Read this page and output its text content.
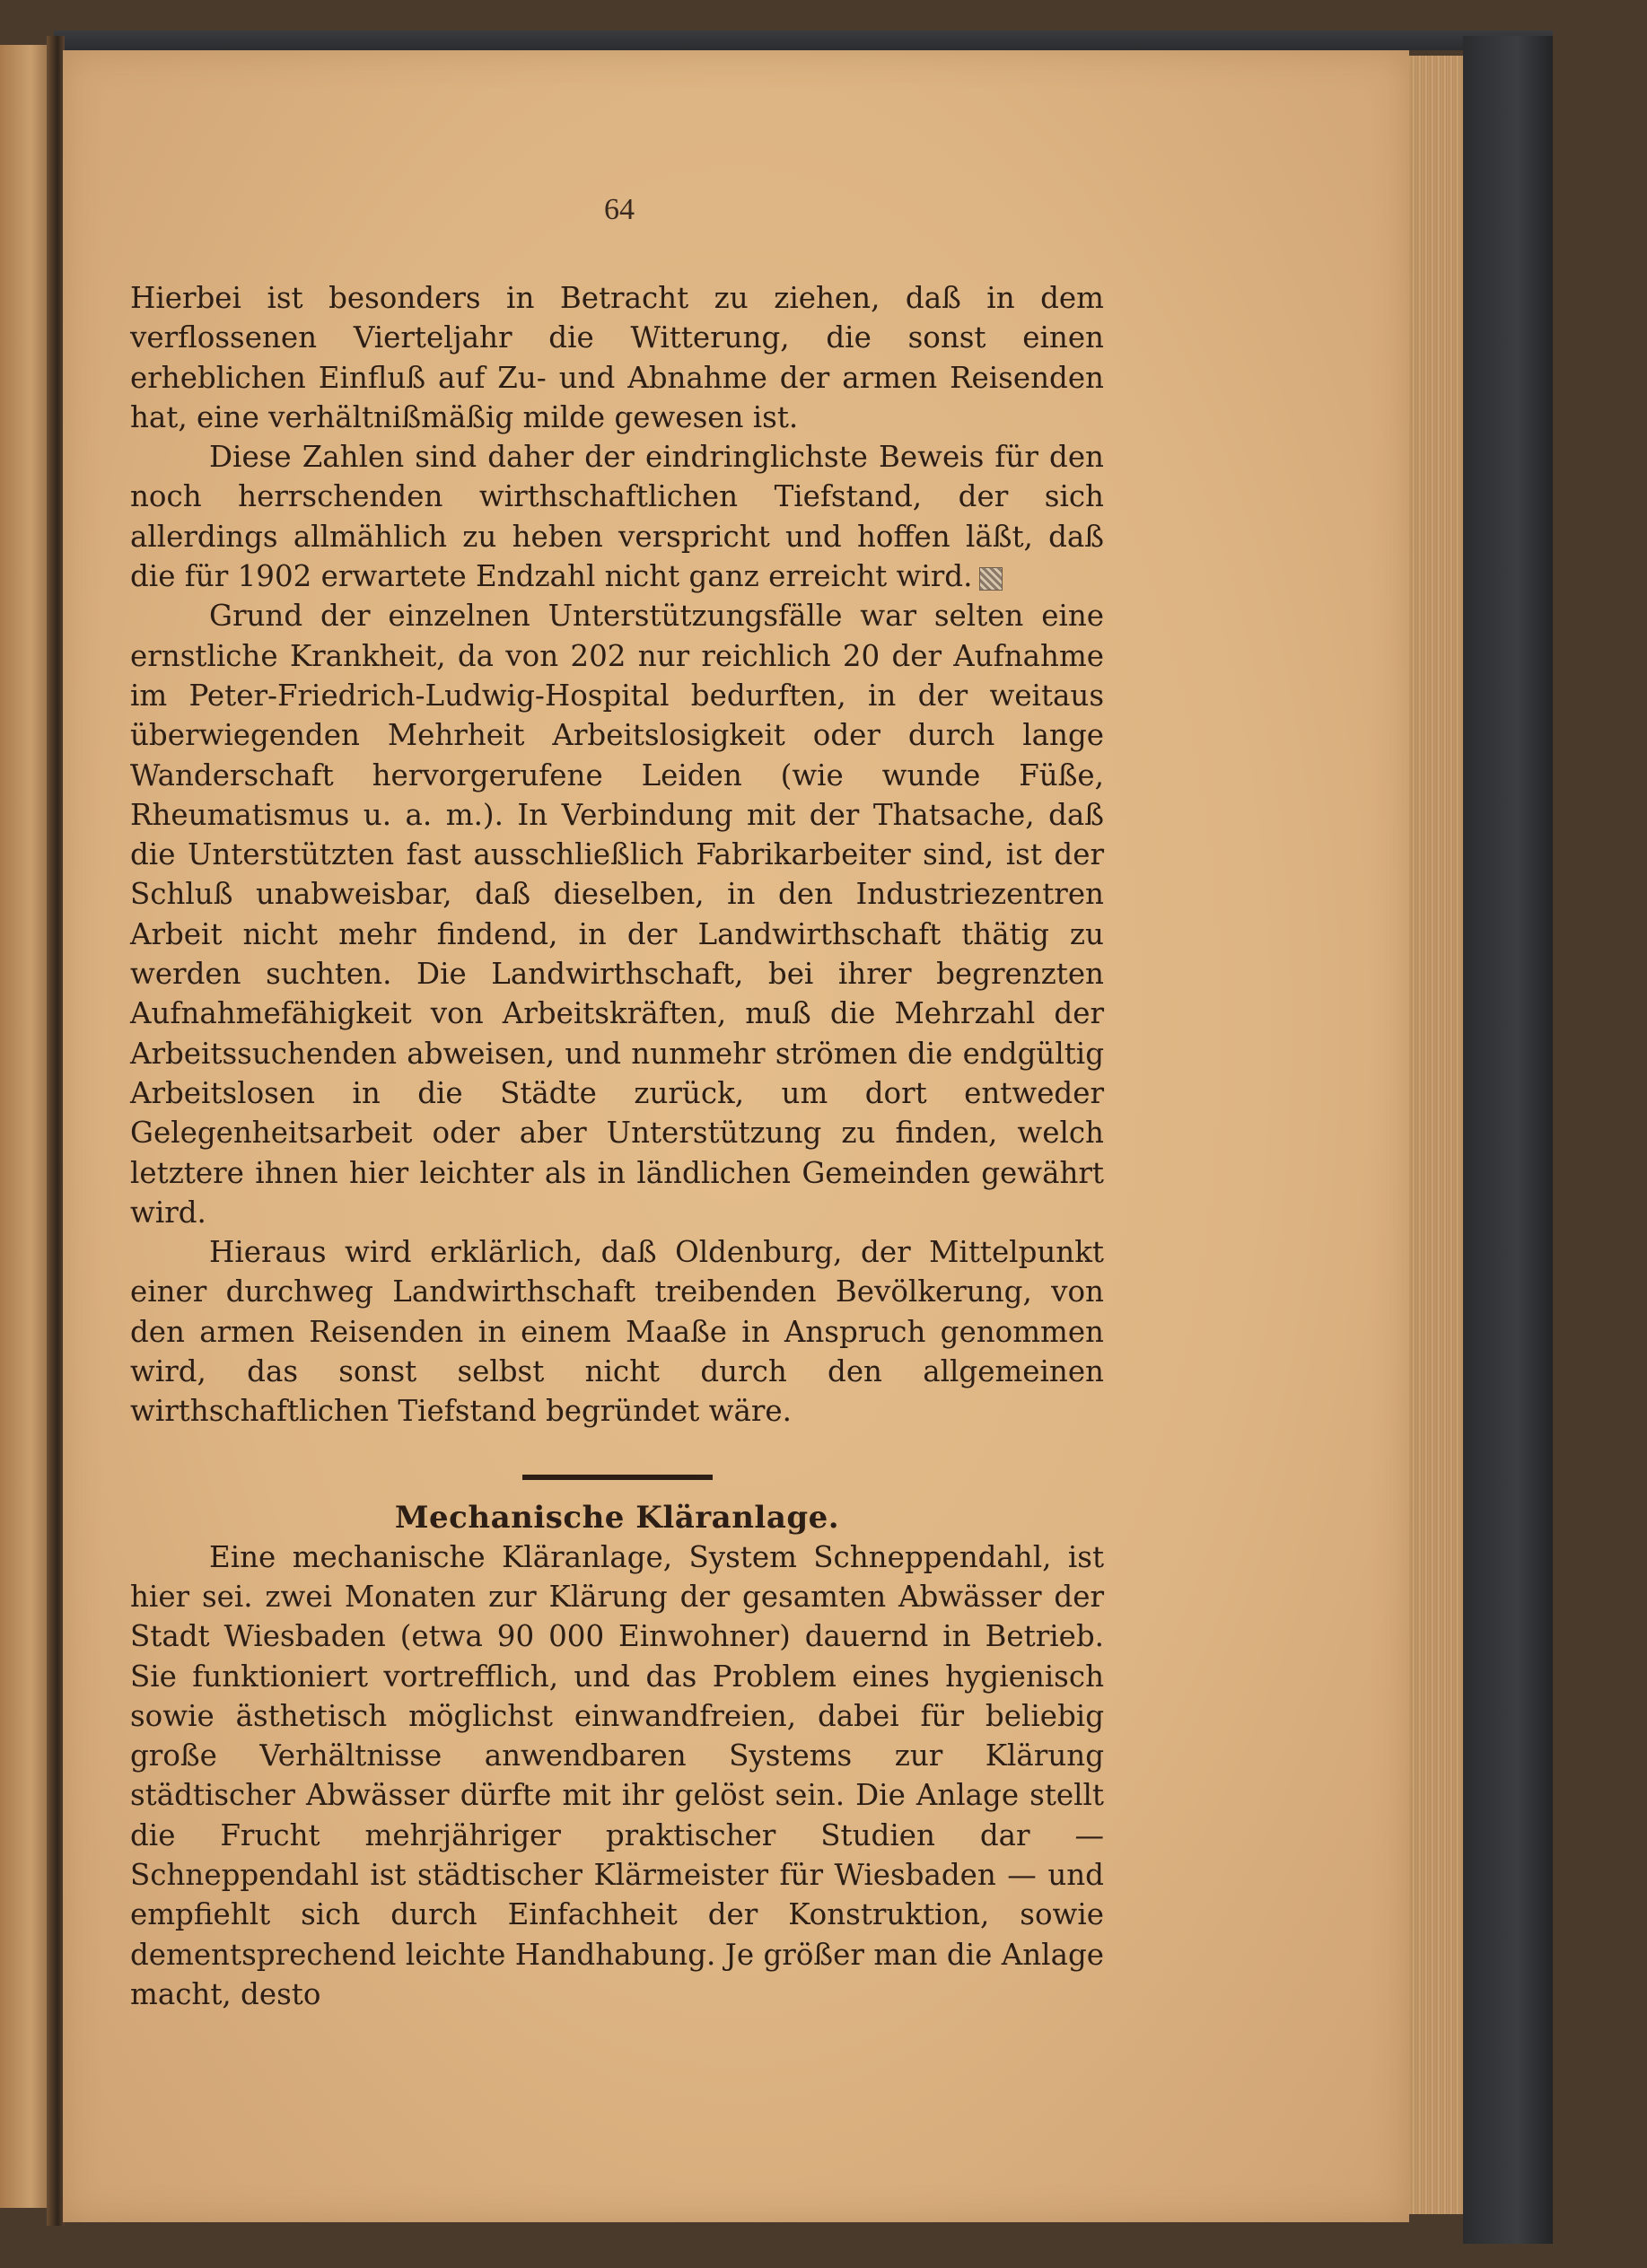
64

Hierbei ist besonders in Betracht zu ziehen, daß in dem verflossenen Vierteljahr die Witterung, die sonst einen erheblichen Einfluß auf Zu- und Abnahme der armen Reisenden hat, eine verhältnißmäßig milde gewesen ist.

Diese Zahlen sind daher der eindringlichste Beweis für den noch herrschenden wirthschaftlichen Tiefstand, der sich allerdings allmählich zu heben verspricht und hoffen läßt, daß die für 1902 erwartete Endzahl nicht ganz erreicht wird.

Grund der einzelnen Unterstützungsfälle war selten eine ernstliche Krankheit, da von 202 nur reichlich 20 der Aufnahme im Peter-Friedrich-Ludwig-Hospital bedurften, in der weitaus überwiegenden Mehrheit Arbeitslosigkeit oder durch lange Wanderschaft hervorgerufene Leiden (wie wunde Füße, Rheumatismus u. a. m.). In Verbindung mit der Thatsache, daß die Unterstützten fast ausschließlich Fabrikarbeiter sind, ist der Schluß unabweisbar, daß dieselben, in den Industriezentren Arbeit nicht mehr findend, in der Landwirthschaft thätig zu werden suchten. Die Landwirthschaft, bei ihrer begrenzten Aufnahmefähigkeit von Arbeitskräften, muß die Mehrzahl der Arbeitssuchenden abweisen, und nunmehr strömen die endgültig Arbeitslosen in die Städte zurück, um dort entweder Gelegenheitsarbeit oder aber Unterstützung zu finden, welch letztere ihnen hier leichter als in ländlichen Gemeinden gewährt wird.

Hieraus wird erklärlich, daß Oldenburg, der Mittelpunkt einer durchweg Landwirthschaft treibenden Bevölkerung, von den armen Reisenden in einem Maaße in Anspruch genommen wird, das sonst selbst nicht durch den allgemeinen wirthschaftlichen Tiefstand begründet wäre.

Mechanische Kläranlage.

Eine mechanische Kläranlage, System Schneppendahl, ist hier sei. zwei Monaten zur Klärung der gesamten Abwässer der Stadt Wiesbaden (etwa 90 000 Einwohner) dauernd in Betrieb. Sie funktioniert vortrefflich, und das Problem eines hygienisch sowie ästhetisch möglichst einwandfreien, dabei für beliebig große Verhältnisse anwendbaren Systems zur Klärung städtischer Abwässer dürfte mit ihr gelöst sein. Die Anlage stellt die Frucht mehrjähriger praktischer Studien dar — Schneppendahl ist städtischer Klärmeister für Wiesbaden — und empfiehlt sich durch Einfachheit der Konstruktion, sowie dementsprechend leichte Handhabung. Je größer man die Anlage macht, desto
